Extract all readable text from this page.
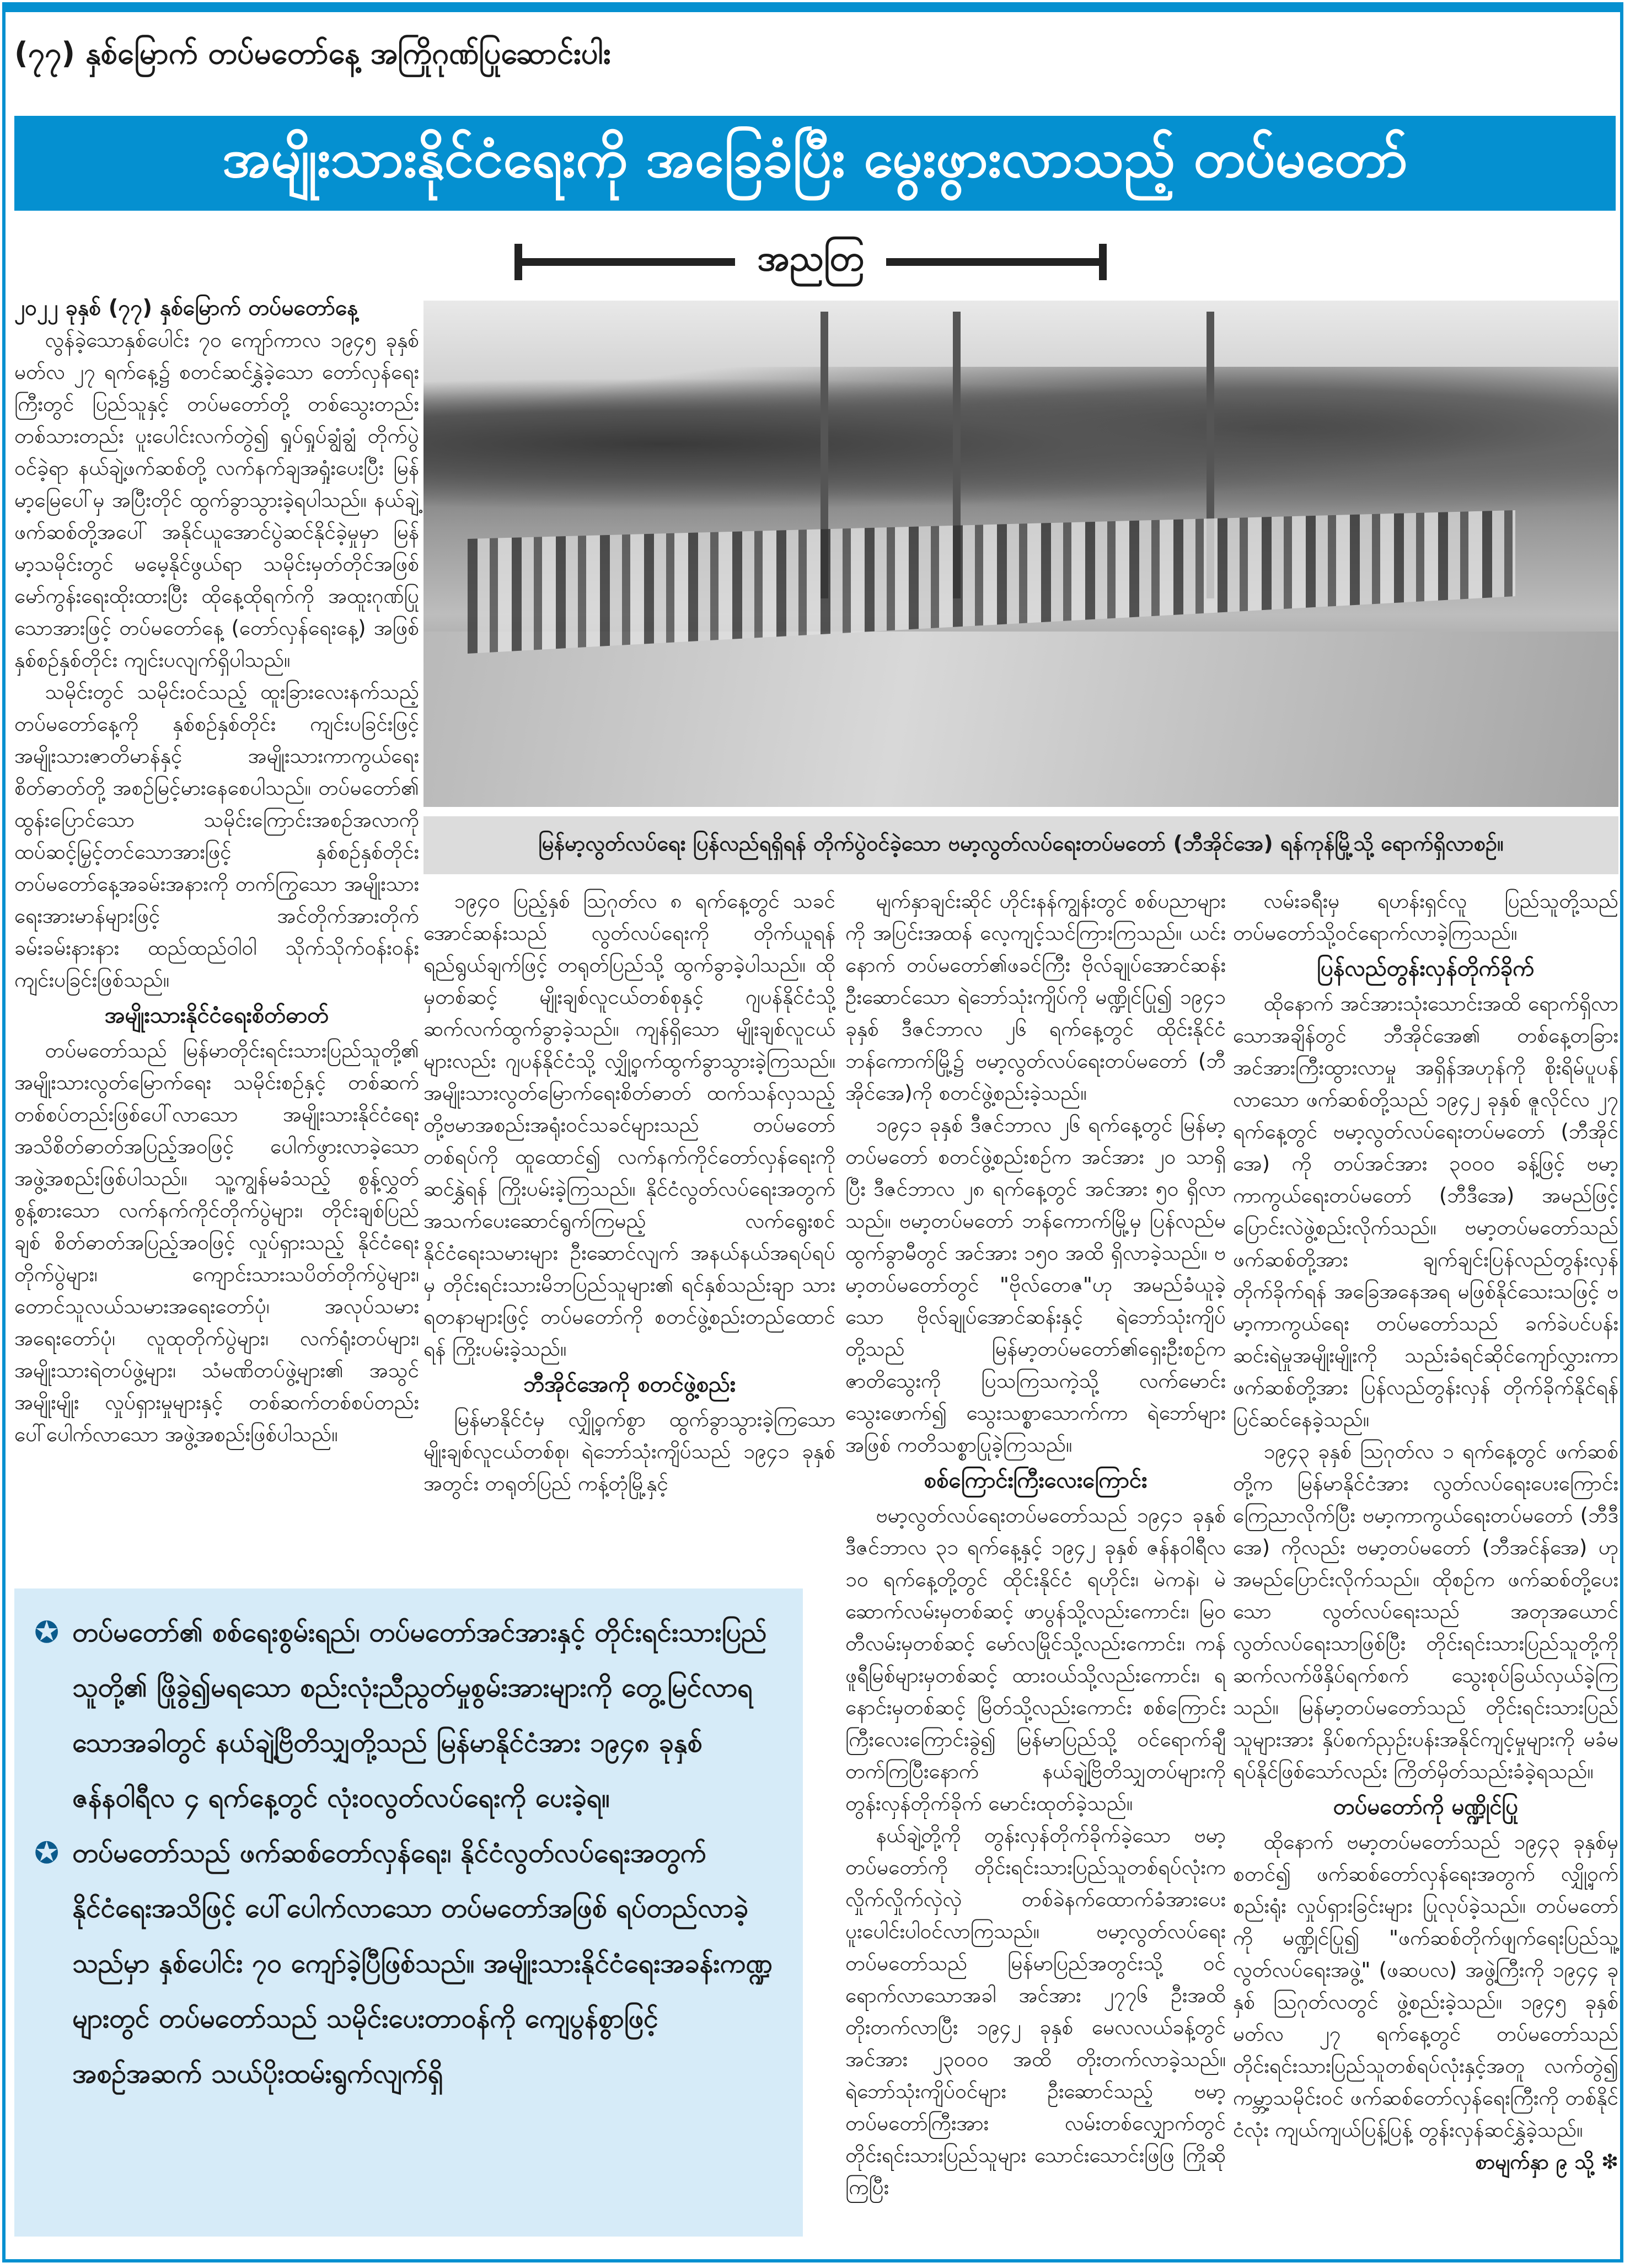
(၇၇) နှစ်မြောက် တပ်မတော်နေ့ အကြိုဂုဏ်ပြုဆောင်းပါး
အမျိုးသားနိုင်ငံရေးကို အခြေခံပြီး မွေးဖွားလာသည့် တပ်မတော်
အညတြ
၂၀၂၂ ခုနှစ် (၇၇) နှစ်မြောက် တပ်မတော်နေ့

လွန်ခဲ့သောနှစ်ပေါင်း ၇၀ ကျော်ကာလ ၁၉၄၅ ခုနှစ် မတ်လ ၂၇ ရက်နေ့၌ စတင်ဆင်နွှဲခဲ့သော တော်လှန်ရေးကြီးတွင် ပြည်သူနှင့် တပ်မတော်တို့ တစ်သွေးတည်း တစ်သားတည်း ပူးပေါင်းလက်တွဲ၍ ရှုပ်ရှုပ်ချွံချွံ တိုက်ပွဲဝင်ခဲ့ရာ နယ်ချဲ့ဖက်ဆစ်တို့ လက်နက်ချအရှုံးပေးပြီး မြန်မာ့မြေပေါ်မှ အပြီးတိုင် ထွက်ခွာသွားခဲ့ရပါသည်။ နယ်ချဲ့ဖက်ဆစ်တို့အပေါ် အနိုင်ယူအောင်ပွဲဆင်နိုင်ခဲ့မှုမှာ မြန်မာ့သမိုင်းတွင် မမေ့နိုင်ဖွယ်ရာ သမိုင်းမှတ်တိုင်အဖြစ် မော်ကွန်းရေးထိုးထားပြီး ထိုနေ့ထိုရက်ကို အထူးဂုဏ်ပြုသောအားဖြင့် တပ်မတော်နေ့ (တော်လှန်ရေးနေ့) အဖြစ် နှစ်စဉ်နှစ်တိုင်း ကျင်းပလျက်ရှိပါသည်။

သမိုင်းတွင် သမိုင်းဝင်သည့် ထူးခြားလေးနက်သည့် တပ်မတော်နေ့ကို နှစ်စဉ်နှစ်တိုင်း ကျင်းပခြင်းဖြင့် အမျိုးသားဇာတိမာန်နှင့် အမျိုးသားကာကွယ်ရေးစိတ်ဓာတ်တို့ အစဉ်မြင့်မားနေစေပါသည်။ တပ်မတော်၏ ထွန်းပြောင်သော သမိုင်းကြောင်းအစဉ်အလာကို ထပ်ဆင့်မြှင့်တင်သောအားဖြင့် နှစ်စဉ်နှစ်တိုင်း တပ်မတော်နေ့အခမ်းအနားကို တက်ကြွသော အမျိုးသားရေးအားမာန်များဖြင့် အင်တိုက်အားတိုက် ခမ်းခမ်းနားနား ထည်ထည်ဝါဝါ သိုက်သိုက်ဝန်းဝန်း ကျင်းပခြင်းဖြစ်သည်။

အမျိုးသားနိုင်ငံရေးစိတ်ဓာတ်

တပ်မတော်သည် မြန်မာတိုင်းရင်းသားပြည်သူတို့၏ အမျိုးသားလွတ်မြောက်ရေး သမိုင်းစဉ်နှင့် တစ်ဆက်တစ်စပ်တည်းဖြစ်ပေါ်လာသော အမျိုးသားနိုင်ငံရေး အသိစိတ်ဓာတ်အပြည့်အဝဖြင့် ပေါက်ဖွားလာခဲ့သော အဖွဲ့အစည်းဖြစ်ပါသည်။ သူ့ကျွန်မခံသည့် စွန့်လွှတ်စွန့်စားသော လက်နက်ကိုင်တိုက်ပွဲများ၊ တိုင်းချစ်ပြည်ချစ် စိတ်ဓာတ်အပြည့်အဝဖြင့် လှုပ်ရှားသည့် နိုင်ငံရေးတိုက်ပွဲများ၊ ကျောင်းသားသပိတ်တိုက်ပွဲများ၊ တောင်သူလယ်သမားအရေးတော်ပုံ၊ အလုပ်သမားအရေးတော်ပုံ၊ လူထုတိုက်ပွဲများ၊ လက်ရုံးတပ်များ၊ အမျိုးသားရဲတပ်ဖွဲ့များ၊ သံမဏိတပ်ဖွဲ့များ၏ အသွင်အမျိုးမျိုး လှုပ်ရှားမှုများနှင့် တစ်ဆက်တစ်စပ်တည်း ပေါ်ပေါက်လာသော အဖွဲ့အစည်းဖြစ်ပါသည်။

မြန်မာ့လွတ်လပ်ရေး ပြန်လည်ရရှိရန် တိုက်ပွဲဝင်ခဲ့သော ဗမာ့လွတ်လပ်ရေးတပ်မတော် (ဘီအိုင်အေ) ရန်ကုန်မြို့သို့ ရောက်ရှိလာစဉ်။

၁၉၄၀ ပြည့်နှစ် ဩဂုတ်လ ၈ ရက်နေ့တွင် သခင်အောင်ဆန်းသည် လွတ်လပ်ရေးကို တိုက်ယူရန် ရည်ရွယ်ချက်ဖြင့် တရုတ်ပြည်သို့ ထွက်ခွာခဲ့ပါသည်။ ထိုမှတစ်ဆင့် မျိုးချစ်လူငယ်တစ်စုနှင့် ဂျပန်နိုင်ငံသို့ ဆက်လက်ထွက်ခွာခဲ့သည်။ ကျန်ရှိသော မျိုးချစ်လူငယ်များလည်း ဂျပန်နိုင်ငံသို့ လျှို့ဝှက်ထွက်ခွာသွားခဲ့ကြသည်။ အမျိုးသားလွတ်မြောက်ရေးစိတ်ဓာတ် ထက်သန်လှသည့် တို့ဗမာအစည်းအရုံးဝင်သခင်များသည် တပ်မတော်တစ်ရပ်ကို ထူထောင်၍ လက်နက်ကိုင်တော်လှန်ရေးကိုဆင်နွှဲရန် ကြိုးပမ်းခဲ့ကြသည်။ နိုင်ငံလွတ်လပ်ရေးအတွက် အသက်ပေးဆောင်ရွက်ကြမည့် လက်ရွေးစင် နိုင်ငံရေးသမားများ ဦးဆောင်လျက် အနယ်နယ်အရပ်ရပ်မှ တိုင်းရင်းသားမိဘပြည်သူများ၏ ရင်နှစ်သည်းချာ သားရတနာများဖြင့် တပ်မတော်ကို စတင်ဖွဲ့စည်းတည်ထောင်ရန် ကြိုးပမ်းခဲ့သည်။

ဘီအိုင်အေကို စတင်ဖွဲ့စည်း

မြန်မာနိုင်ငံမှ လျှို့ဝှက်စွာ ထွက်ခွာသွားခဲ့ကြသော မျိုးချစ်လူငယ်တစ်စု၊ ရဲဘော်သုံးကျိပ်သည် ၁၉၄၁ ခုနှစ်အတွင်း တရုတ်ပြည် ကန့်တုံမြို့နှင့်

မျက်နှာချင်းဆိုင် ဟိုင်းနန်ကျွန်းတွင် စစ်ပညာများကို အပြင်းအထန် လေ့ကျင့်သင်ကြားကြသည်။ ယင်းနောက် တပ်မတော်၏ဖခင်ကြီး ဗိုလ်ချုပ်အောင်ဆန်း ဦးဆောင်သော ရဲဘော်သုံးကျိပ်ကို မဏ္ဍိုင်ပြု၍ ၁၉၄၁ ခုနှစ် ဒီဇင်ဘာလ ၂၆ ရက်နေ့တွင် ထိုင်းနိုင်ငံ ဘန်ကောက်မြို့၌ ဗမာ့လွတ်လပ်ရေးတပ်မတော် (ဘီအိုင်အေ)ကို စတင်ဖွဲ့စည်းခဲ့သည်။

၁၉၄၁ ခုနှစ် ဒီဇင်ဘာလ ၂၆ ရက်နေ့တွင် မြန်မာ့တပ်မတော် စတင်ဖွဲ့စည်းစဉ်က အင်အား ၂၀ သာရှိပြီး ဒီဇင်ဘာလ ၂၈ ရက်နေ့တွင် အင်အား ၅၀ ရှိလာသည်။ ဗမာ့တပ်မတော် ဘန်ကောက်မြို့မှ ပြန်လည်မထွက်ခွာမီတွင် အင်အား ၁၅၀ အထိ ရှိလာခဲ့သည်။ ဗမာ့တပ်မတော်တွင် "ဗိုလ်တေဇ"ဟု အမည်ခံယူခဲ့သော ဗိုလ်ချုပ်အောင်ဆန်းနှင့် ရဲဘော်သုံးကျိပ်တို့သည် မြန်မာ့တပ်မတော်၏ရှေးဦးစဉ်က ဇာတိသွေးကို ပြသကြသကဲ့သို့ လက်မောင်းသွေးဖောက်၍ သွေးသစ္စာသောက်ကာ ရဲဘော်များအဖြစ် ကတိသစ္စာပြုခဲ့ကြသည်။

စစ်ကြောင်းကြီးလေးကြောင်း

ဗမာ့လွတ်လပ်ရေးတပ်မတော်သည် ၁၉၄၁ ခုနှစ် ဒီဇင်ဘာလ ၃၁ ရက်နေ့နှင့် ၁၉၄၂ ခုနှစ် ဇန်နဝါရီလ ၁၀ ရက်နေ့တို့တွင် ထိုင်းနိုင်ငံ ရဟိုင်း၊ မဲကနဲ၊ မဲဆောက်လမ်းမှတစ်ဆင့် ဖာပွန်သို့လည်းကောင်း၊ မြဝတီလမ်းမှတစ်ဆင့် မော်လမြိုင်သို့လည်းကောင်း၊ ကန်ဖူရီမြစ်များမှတစ်ဆင့် ထားဝယ်သို့လည်းကောင်း၊ ရနောင်းမှတစ်ဆင့် မြိတ်သို့လည်းကောင်း စစ်ကြောင်းကြီးလေးကြောင်းခွဲ၍ မြန်မာပြည်သို့ ဝင်ရောက်ချီတက်ကြပြီးနောက် နယ်ချဲ့ဗြိတိသျှတပ်များကို တွန်းလှန်တိုက်ခိုက် မောင်းထုတ်ခဲ့သည်။

နယ်ချဲ့တို့ကို တွန်းလှန်တိုက်ခိုက်ခဲ့သော ဗမာ့တပ်မတော်ကို တိုင်းရင်းသားပြည်သူတစ်ရပ်လုံးက လှိုက်လှိုက်လှဲလှဲ တစ်ခဲနက်ထောက်ခံအားပေး ပူးပေါင်းပါဝင်လာကြသည်။ ဗမာ့လွတ်လပ်ရေးတပ်မတော်သည် မြန်မာပြည်အတွင်းသို့ ဝင်ရောက်လာသောအခါ အင်အား ၂၇၇၆ ဦးအထိ တိုးတက်လာပြီး ၁၉၄၂ ခုနှစ် မေလလယ်ခန့်တွင် အင်အား ၂၃၀၀၀ အထိ တိုးတက်လာခဲ့သည်။ ရဲဘော်သုံးကျိပ်ဝင်များ ဦးဆောင်သည့် ဗမာ့တပ်မတော်ကြီးအား လမ်းတစ်လျှောက်တွင် တိုင်းရင်းသားပြည်သူများ သောင်းသောင်းဖြဖြ ကြိုဆိုကြပြီး

လမ်းခရီးမှ ရဟန်းရှင်လူ ပြည်သူတို့သည် တပ်မတော်သို့ဝင်ရောက်လာခဲ့ကြသည်။

ပြန်လည်တွန်းလှန်တိုက်ခိုက်

ထိုနောက် အင်အားသုံးသောင်းအထိ ရောက်ရှိလာသောအချိန်တွင် ဘီအိုင်အေ၏ တစ်နေ့တခြား အင်အားကြီးထွားလာမှု အရှိန်အဟုန်ကို စိုးရိမ်ပူပန်လာသော ဖက်ဆစ်တို့သည် ၁၉၄၂ ခုနှစ် ဇူလိုင်လ ၂၇ ရက်နေ့တွင် ဗမာ့လွတ်လပ်ရေးတပ်မတော် (ဘီအိုင်အေ) ကို တပ်အင်အား ၃၀၀၀ ခန့်ဖြင့် ဗမာ့ကာကွယ်ရေးတပ်မတော် (ဘီဒီအေ) အမည်ဖြင့် ပြောင်းလဲဖွဲ့စည်းလိုက်သည်။ ဗမာ့တပ်မတော်သည် ဖက်ဆစ်တို့အား ချက်ချင်းပြန်လည်တွန်းလှန် တိုက်ခိုက်ရန် အခြေအနေအရ မဖြစ်နိုင်သေးသဖြင့် ဗမာ့ကာကွယ်ရေး တပ်မတော်သည် ခက်ခဲပင်ပန်းဆင်းရဲမှုအမျိုးမျိုးကို သည်းခံရင်ဆိုင်ကျော်လွှားကာ ဖက်ဆစ်တို့အား ပြန်လည်တွန်းလှန် တိုက်ခိုက်နိုင်ရန် ပြင်ဆင်နေခဲ့သည်။

၁၉၄၃ ခုနှစ် ဩဂုတ်လ ၁ ရက်နေ့တွင် ဖက်ဆစ်တို့က မြန်မာနိုင်ငံအား လွတ်လပ်ရေးပေးကြောင်း ကြေညာလိုက်ပြီး ဗမာ့ကာကွယ်ရေးတပ်မတော် (ဘီဒီအေ) ကိုလည်း ဗမာ့တပ်မတော် (ဘီအင်န်အေ) ဟု အမည်ပြောင်းလိုက်သည်။ ထိုစဉ်က ဖက်ဆစ်တို့ပေးသော လွတ်လပ်ရေးသည် အတုအယောင် လွတ်လပ်ရေးသာဖြစ်ပြီး တိုင်းရင်းသားပြည်သူတို့ကို ဆက်လက်ဖိနှိပ်ရက်စက် သွေးစုပ်ခြယ်လှယ်ခဲ့ကြသည်။ မြန်မာ့တပ်မတော်သည် တိုင်းရင်းသားပြည်သူများအား နှိပ်စက်ညှဉ်းပန်းအနိုင်ကျင့်မှုများကို မခံမရပ်နိုင်ဖြစ်သော်လည်း ကြိတ်မှိတ်သည်းခံခဲ့ရသည်။

တပ်မတော်ကို မဏ္ဍိုင်ပြု

ထိုနောက် ဗမာ့တပ်မတော်သည် ၁၉၄၃ ခုနှစ်မှစတင်၍ ဖက်ဆစ်တော်လှန်ရေးအတွက် လျှို့ဝှက်စည်းရုံး လှုပ်ရှားခြင်းများ ပြုလုပ်ခဲ့သည်။ တပ်မတော်ကို မဏ္ဍိုင်ပြု၍ "ဖက်ဆစ်တိုက်ဖျက်ရေးပြည်သူ့လွတ်လပ်ရေးအဖွဲ့" (ဖဆပလ) အဖွဲ့ကြီးကို ၁၉၄၄ ခုနှစ် ဩဂုတ်လတွင် ဖွဲ့စည်းခဲ့သည်။ ၁၉၄၅ ခုနှစ် မတ်လ ၂၇ ရက်နေ့တွင် တပ်မတော်သည် တိုင်းရင်းသားပြည်သူတစ်ရပ်လုံးနှင့်အတူ လက်တွဲ၍ ကမ္ဘာ့သမိုင်းဝင် ဖက်ဆစ်တော်လှန်ရေးကြီးကို တစ်နိုင်ငံလုံး ကျယ်ကျယ်ပြန့်ပြန့် တွန်းလှန်ဆင်နွှဲခဲ့သည်။

စာမျက်နှာ ၉ သို့ ❇
✪ တပ်မတော်၏ စစ်ရေးစွမ်းရည်၊ တပ်မတော်အင်အားနှင့် တိုင်းရင်းသားပြည်သူတို့၏ ဖြိုခွဲ၍မရသော စည်းလုံးညီညွတ်မှုစွမ်းအားများကို တွေ့မြင်လာရသောအခါတွင် နယ်ချဲ့ဗြိတိသျှတို့သည် မြန်မာနိုင်ငံအား ၁၉၄၈ ခုနှစ် ဇန်နဝါရီလ ၄ ရက်နေ့တွင် လုံးဝလွတ်လပ်ရေးကို ပေးခဲ့ရ။
✪ တပ်မတော်သည် ဖက်ဆစ်တော်လှန်ရေး၊ နိုင်ငံလွတ်လပ်ရေးအတွက် နိုင်ငံရေးအသိဖြင့် ပေါ်ပေါက်လာသော တပ်မတော်အဖြစ် ရပ်တည်လာခဲ့သည်မှာ နှစ်ပေါင်း ၇၀ ကျော်ခဲ့ပြီဖြစ်သည်။ အမျိုးသားနိုင်ငံရေးအခန်းကဏ္ဍများတွင် တပ်မတော်သည် သမိုင်းပေးတာဝန်ကို ကျေပွန်စွာဖြင့် အစဉ်အဆက် သယ်ပိုးထမ်းရွက်လျက်ရှိ
